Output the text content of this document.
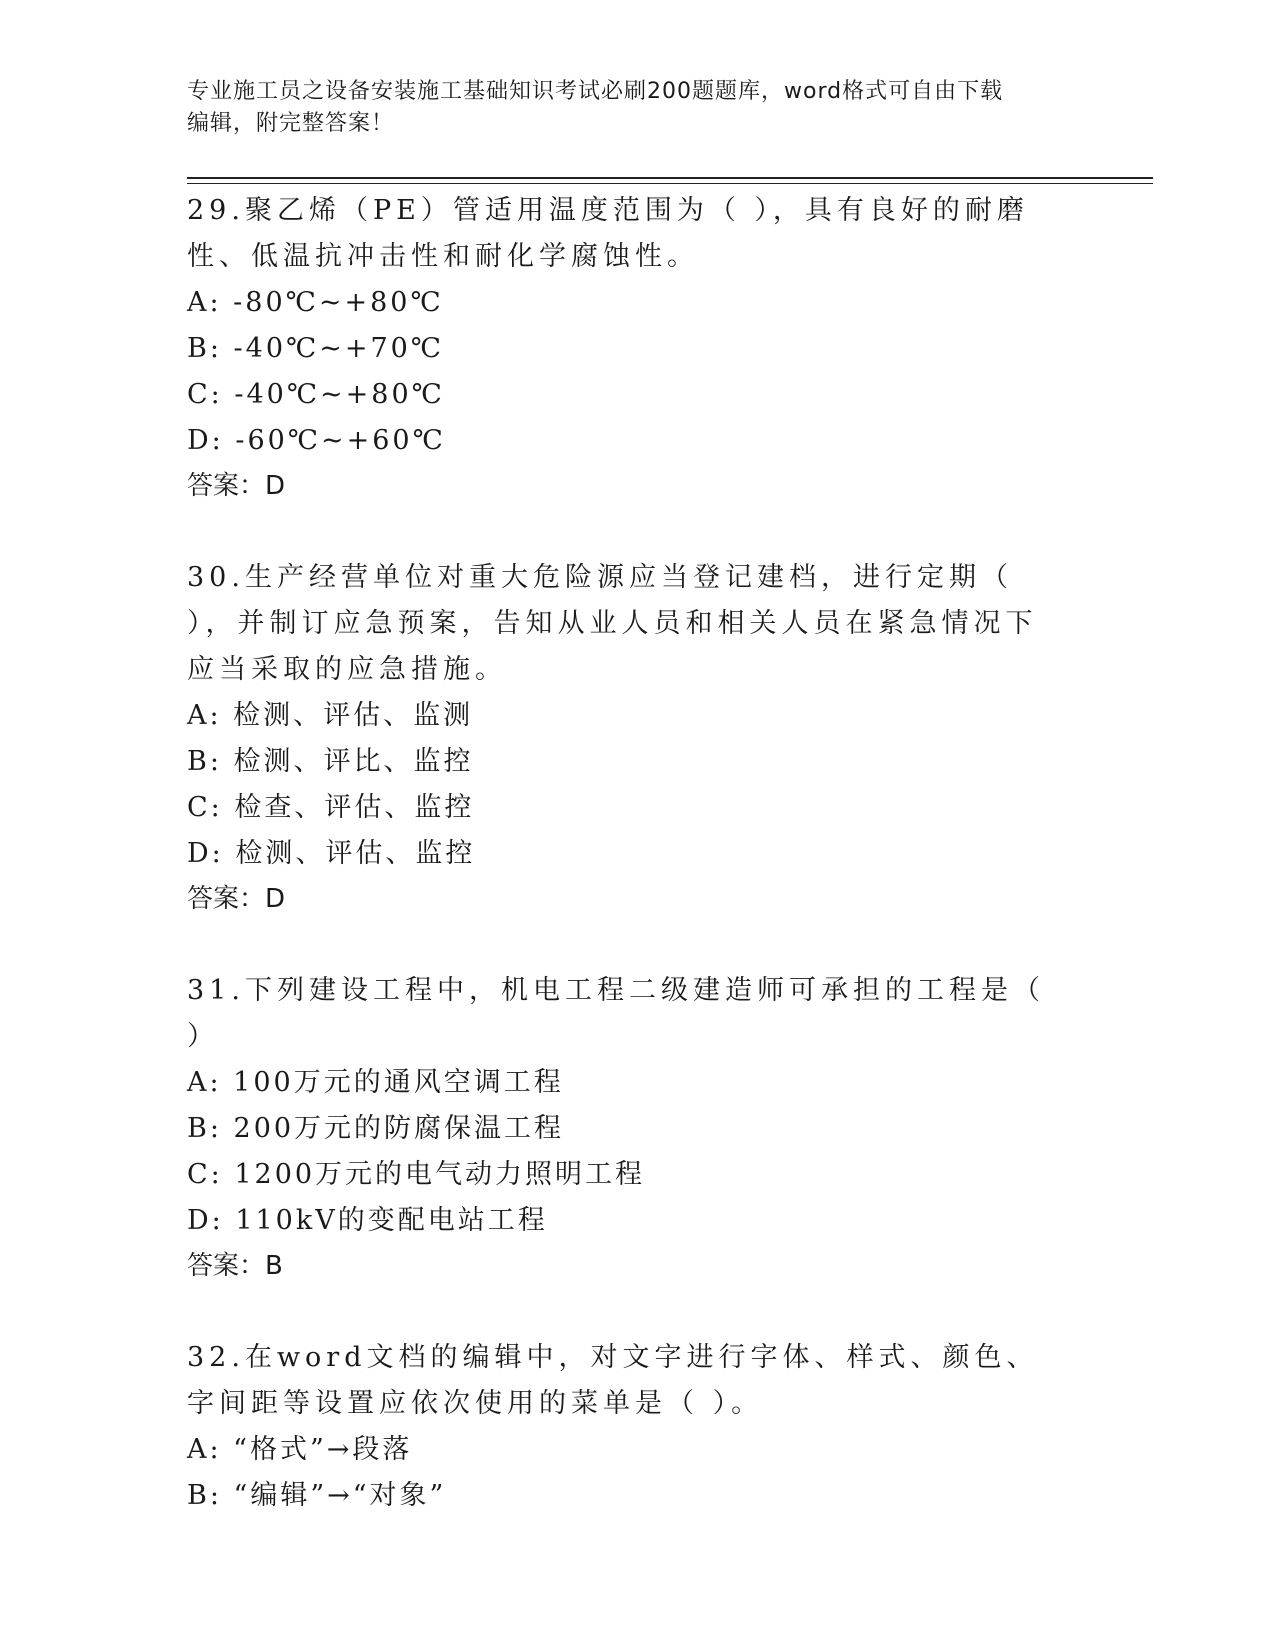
专业施工员之设备安装施工基础知识考试必刷200题题库，word格式可自由下载
编辑，附完整答案！

29.聚乙烯（PE）管适用温度范围为（ ），具有良好的耐磨性、低温抗冲击性和耐化学腐蚀性。

A: -80℃~+80℃

B: -40℃~+70℃

C: -40℃~+80℃

D: -60℃~+60℃

答案：D

30.生产经营单位对重大危险源应当登记建档，进行定期（ ），并制订应急预案，告知从业人员和相关人员在紧急情况下应当采取的应急措施。

A: 检测、评估、监测

B: 检测、评比、监控

C: 检查、评估、监控

D: 检测、评估、监控

答案：D

31.下列建设工程中，机电工程二级建造师可承担的工程是（ ）

A: 100万元的通风空调工程

B: 200万元的防腐保温工程

C: 1200万元的电气动力照明工程

D: 110kV的变配电站工程

答案：B

32.在word文档的编辑中，对文字进行字体、样式、颜色、字间距等设置应依次使用的菜单是（ ）。

A: “格式”→段落

B: “编辑”→“对象”
